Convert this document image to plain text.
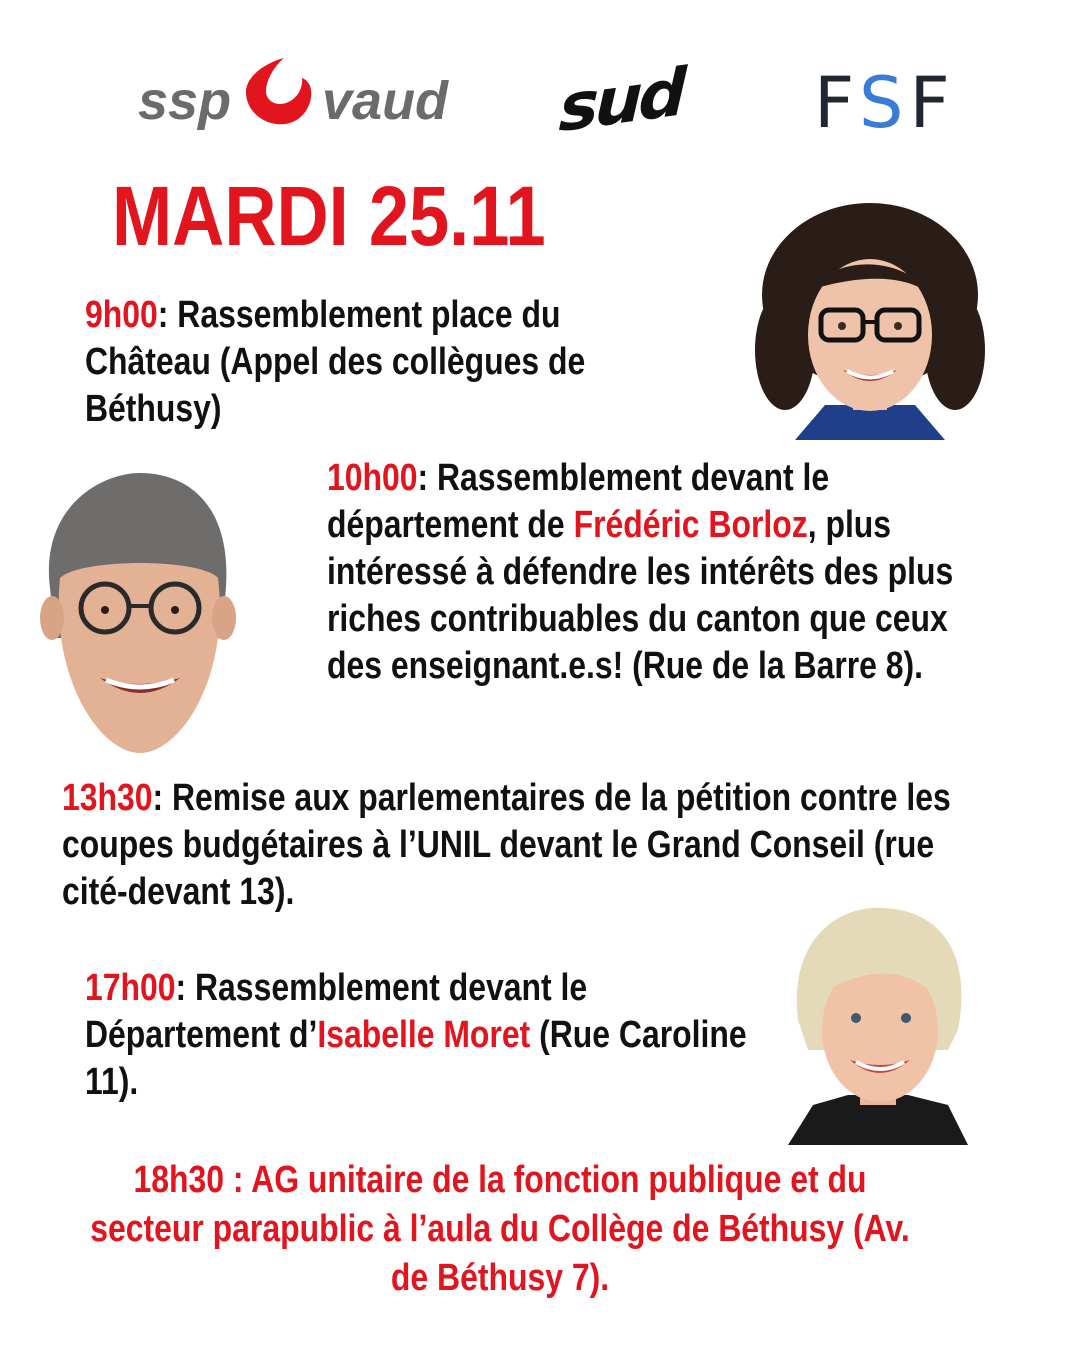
ssp vaud sud FSF
MARDI 25.11
9h00: Rassemblement place du Château (Appel des collègues de Béthusy)
10h00: Rassemblement devant le département de Frédéric Borloz, plus intéressé à défendre les intérêts des plus riches contribuables du canton que ceux des enseignant.e.s! (Rue de la Barre 8).
13h30: Remise aux parlementaires de la pétition contre les coupes budgétaires à l’UNIL devant le Grand Conseil (rue cité-devant 13).
17h00: Rassemblement devant le Département d’Isabelle Moret (Rue Caroline 11).
18h30 : AG unitaire de la fonction publique et du secteur parapublic à l’aula du Collège de Béthusy (Av. de Béthusy 7).
